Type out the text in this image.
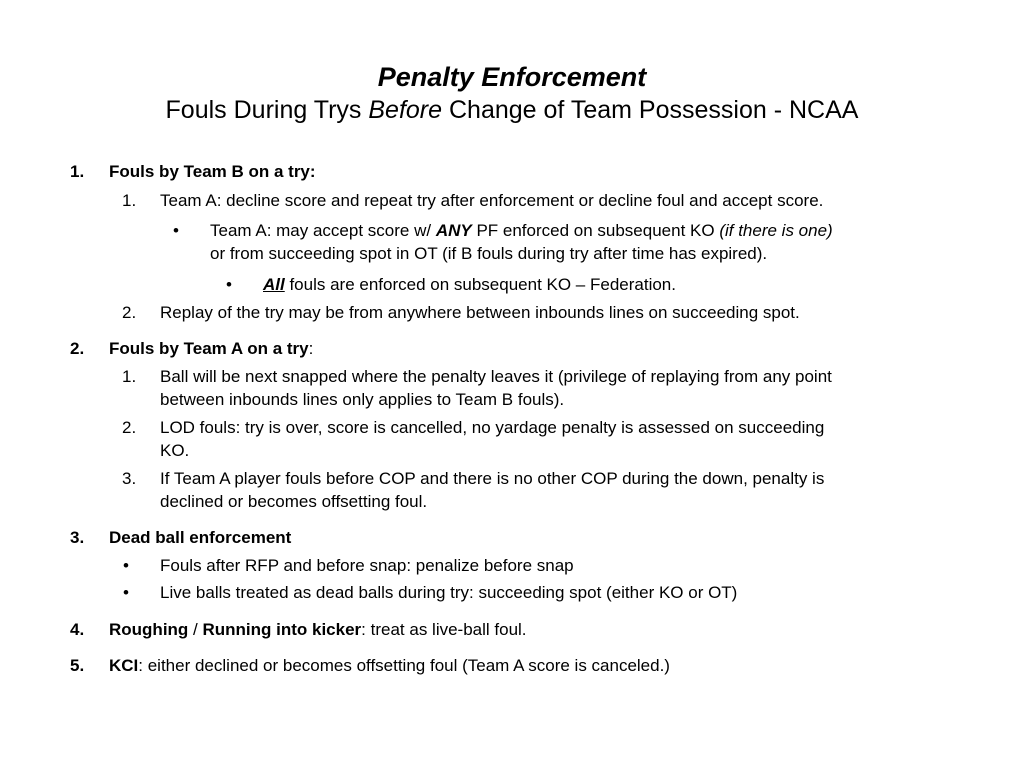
Penalty Enforcement
Fouls During Trys Before Change of Team Possession - NCAA
1. Fouls by Team B on a try:
1. Team A: decline score and repeat try after enforcement or decline foul and accept score.
• Team A: may accept score w/ ANY PF enforced on subsequent KO (if there is one)
or from succeeding spot in OT (if B fouls during try after time has expired).
• All fouls are enforced on subsequent KO – Federation.
2. Replay of the try may be from anywhere between inbounds lines on succeeding spot.
2. Fouls by Team A on a try:
1. Ball will be next snapped where the penalty leaves it (privilege of replaying from any point
between inbounds lines only applies to Team B fouls).
2. LOD fouls: try is over, score is cancelled, no yardage penalty is assessed on succeeding
KO.
3. If Team A player fouls before COP and there is no other COP during the down, penalty is
declined or becomes offsetting foul.
3. Dead ball enforcement
• Fouls after RFP and before snap: penalize before snap
• Live balls treated as dead balls during try: succeeding spot (either KO or OT)
4. Roughing / Running into kicker: treat as live-ball foul.
5. KCI: either declined or becomes offsetting foul (Team A score is canceled.)
